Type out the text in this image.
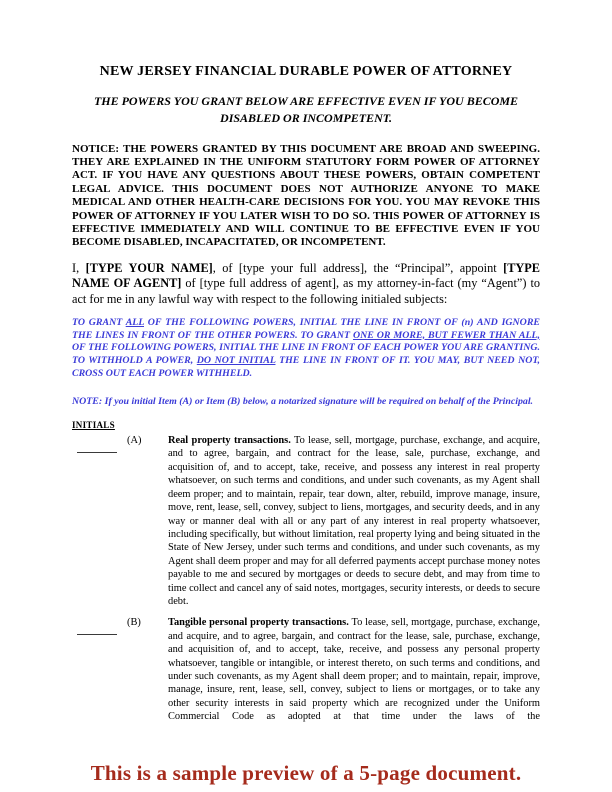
NEW JERSEY FINANCIAL DURABLE POWER OF ATTORNEY

THE POWERS YOU GRANT BELOW ARE EFFECTIVE EVEN IF YOU BECOME DISABLED OR INCOMPETENT.

NOTICE: THE POWERS GRANTED BY THIS DOCUMENT ARE BROAD AND SWEEPING. THEY ARE EXPLAINED IN THE UNIFORM STATUTORY FORM POWER OF ATTORNEY ACT. IF YOU HAVE ANY QUESTIONS ABOUT THESE POWERS, OBTAIN COMPETENT LEGAL ADVICE. THIS DOCUMENT DOES NOT AUTHORIZE ANYONE TO MAKE MEDICAL AND OTHER HEALTH-CARE DECISIONS FOR YOU. YOU MAY REVOKE THIS POWER OF ATTORNEY IF YOU LATER WISH TO DO SO. THIS POWER OF ATTORNEY IS EFFECTIVE IMMEDIATELY AND WILL CONTINUE TO BE EFFECTIVE EVEN IF YOU BECOME DISABLED, INCAPACITATED, OR INCOMPETENT.

I, [TYPE YOUR NAME], of [type your full address], the “Principal”, appoint [TYPE NAME OF AGENT] of [type full address of agent], as my attorney-in-fact (my “Agent”) to act for me in any lawful way with respect to the following initialed subjects:

TO GRANT ALL OF THE FOLLOWING POWERS, INITIAL THE LINE IN FRONT OF (n) AND IGNORE THE LINES IN FRONT OF THE OTHER POWERS. TO GRANT ONE OR MORE, BUT FEWER THAN ALL, OF THE FOLLOWING POWERS, INITIAL THE LINE IN FRONT OF EACH POWER YOU ARE GRANTING. TO WITHHOLD A POWER, DO NOT INITIAL THE LINE IN FRONT OF IT. YOU MAY, BUT NEED NOT, CROSS OUT EACH POWER WITHHELD.

NOTE: If you initial Item (A) or Item (B) below, a notarized signature will be required on behalf of the Principal.

INITIALS
(A)	Real property transactions. To lease, sell, mortgage, purchase, exchange, and acquire, and to agree, bargain, and contract for the lease, sale, purchase, exchange, and acquisition of, and to accept, take, receive, and possess any interest in real property whatsoever, on such terms and conditions, and under such covenants, as my Agent shall deem proper; and to maintain, repair, tear down, alter, rebuild, improve manage, insure, move, rent, lease, sell, convey, subject to liens, mortgages, and security deeds, and in any way or manner deal with all or any part of any interest in real property whatsoever, including specifically, but without limitation, real property lying and being situated in the State of New Jersey, under such terms and conditions, and under such covenants, as my Agent shall deem proper and may for all deferred payments accept purchase money notes payable to me and secured by mortgages or deeds to secure debt, and may from time to time collect and cancel any of said notes, mortgages, security interests, or deeds to secure debt.
(B)	Tangible personal property transactions. To lease, sell, mortgage, purchase, exchange, and acquire, and to agree, bargain, and contract for the lease, sale, purchase, exchange, and acquisition of, and to accept, take, receive, and possess any personal property whatsoever, tangible or intangible, or interest thereto, on such terms and conditions, and under such covenants, as my Agent shall deem proper; and to maintain, repair, improve, manage, insure, rent, lease, sell, convey, subject to liens or mortgages, or to take any other security interests in said property which are recognized under the Uniform Commercial Code as adopted at that time under the laws of the
This is a sample preview of a 5-page document.
